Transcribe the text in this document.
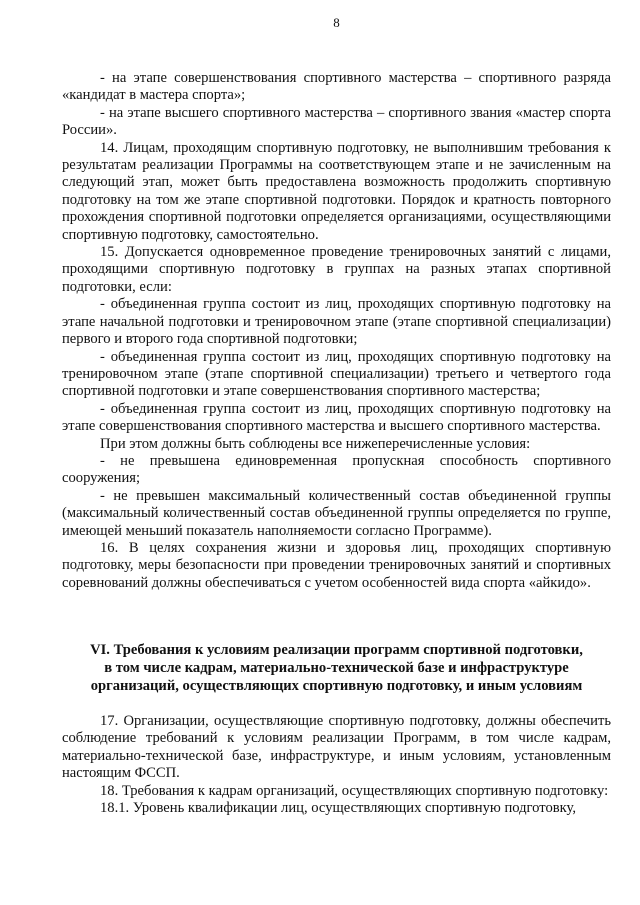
8

- на этапе совершенствования спортивного мастерства – спортивного разряда «кандидат в мастера спорта»;

- на этапе высшего спортивного мастерства – спортивного звания «мастер спорта России».

14. Лицам, проходящим спортивную подготовку, не выполнившим требования к результатам реализации Программы на соответствующем этапе и не зачисленным на следующий этап, может быть предоставлена возможность продолжить спортивную подготовку на том же этапе спортивной подготовки. Порядок и кратность повторного прохождения спортивной подготовки определяется организациями, осуществляющими спортивную подготовку, самостоятельно.

15. Допускается одновременное проведение тренировочных занятий с лицами, проходящими спортивную подготовку в группах на разных этапах спортивной подготовки, если:

- объединенная группа состоит из лиц, проходящих спортивную подготовку на этапе начальной подготовки и тренировочном этапе (этапе спортивной специализации) первого и второго года спортивной подготовки;

- объединенная группа состоит из лиц, проходящих спортивную подготовку на тренировочном этапе (этапе спортивной специализации) третьего и четвертого года спортивной подготовки и этапе совершенствования спортивного мастерства;

- объединенная группа состоит из лиц, проходящих спортивную подготовку на этапе совершенствования спортивного мастерства и высшего спортивного мастерства.

При этом должны быть соблюдены все нижеперечисленные условия:

- не превышена единовременная пропускная способность спортивного сооружения;

- не превышен максимальный количественный состав объединенной группы (максимальный количественный состав объединенной группы определяется по группе, имеющей меньший показатель наполняемости согласно Программе).

16. В целях сохранения жизни и здоровья лиц, проходящих спортивную подготовку, меры безопасности при проведении тренировочных занятий и спортивных соревнований должны обеспечиваться с учетом особенностей вида спорта «айкидо».

VI. Требования к условиям реализации программ спортивной подготовки,
в том числе кадрам, материально-технической базе и инфраструктуре
организаций, осуществляющих спортивную подготовку, и иным условиям

17. Организации, осуществляющие спортивную подготовку, должны обеспечить соблюдение требований к условиям реализации Программ, в том числе кадрам, материально-технической базе, инфраструктуре, и иным условиям, установленным настоящим ФССП.

18. Требования к кадрам организаций, осуществляющих спортивную подготовку:

18.1. Уровень квалификации лиц, осуществляющих спортивную подготовку,
